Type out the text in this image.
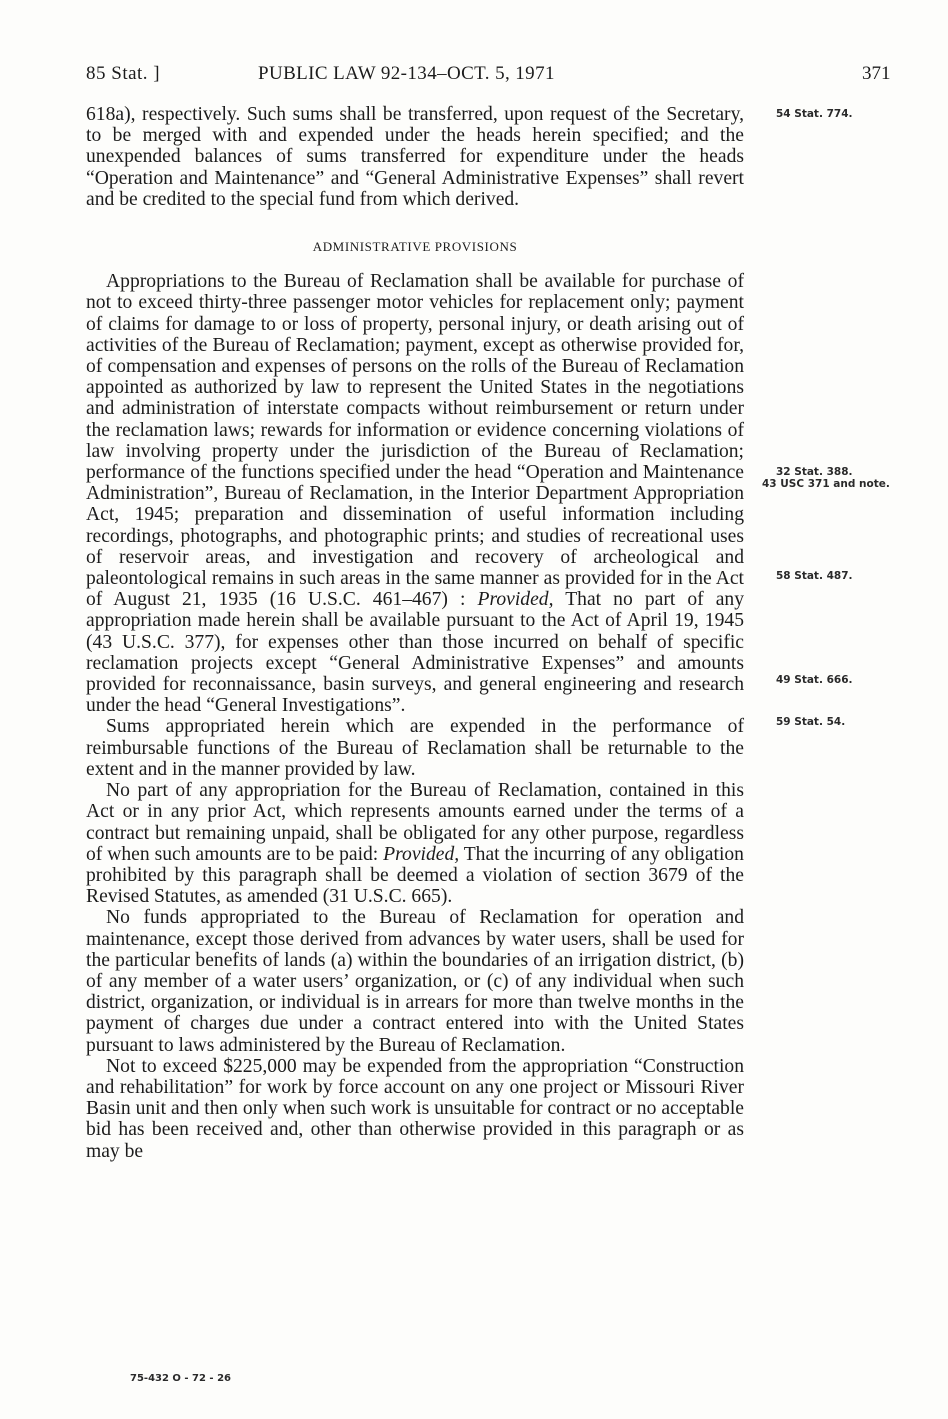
85 Stat. ]	PUBLIC LAW 92-134–OCT. 5, 1971	371

618a), respectively. Such sums shall be transferred, upon request of the Secretary, to be merged with and expended under the heads herein specified; and the unexpended balances of sums transferred for expenditure under the heads “Operation and Maintenance” and “General Administrative Expenses” shall revert and be credited to the special fund from which derived.

ADMINISTRATIVE PROVISIONS

Appropriations to the Bureau of Reclamation shall be available for purchase of not to exceed thirty-three passenger motor vehicles for replacement only; payment of claims for damage to or loss of property, personal injury, or death arising out of activities of the Bureau of Reclamation; payment, except as otherwise provided for, of compensation and expenses of persons on the rolls of the Bureau of Reclamation appointed as authorized by law to represent the United States in the negotiations and administration of interstate compacts without reimbursement or return under the reclamation laws; rewards for information or evidence concerning violations of law involving property under the jurisdiction of the Bureau of Reclamation; performance of the functions specified under the head “Operation and Maintenance Administration”, Bureau of Reclamation, in the Interior Department Appropriation Act, 1945; preparation and dissemination of useful information including recordings, photographs, and photographic prints; and studies of recreational uses of reservoir areas, and investigation and recovery of archeological and paleontological remains in such areas in the same manner as provided for in the Act of August 21, 1935 (16 U.S.C. 461–467) : Provided, That no part of any appropriation made herein shall be available pursuant to the Act of April 19, 1945 (43 U.S.C. 377), for expenses other than those incurred on behalf of specific reclamation projects except “General Administrative Expenses” and amounts provided for reconnaissance, basin surveys, and general engineering and research under the head “General Investigations”.

Sums appropriated herein which are expended in the performance of reimbursable functions of the Bureau of Reclamation shall be returnable to the extent and in the manner provided by law.

No part of any appropriation for the Bureau of Reclamation, contained in this Act or in any prior Act, which represents amounts earned under the terms of a contract but remaining unpaid, shall be obligated for any other purpose, regardless of when such amounts are to be paid: Provided, That the incurring of any obligation prohibited by this paragraph shall be deemed a violation of section 3679 of the Revised Statutes, as amended (31 U.S.C. 665).

No funds appropriated to the Bureau of Reclamation for operation and maintenance, except those derived from advances by water users, shall be used for the particular benefits of lands (a) within the boundaries of an irrigation district, (b) of any member of a water users’ organization, or (c) of any individual when such district, organization, or individual is in arrears for more than twelve months in the payment of charges due under a contract entered into with the United States pursuant to laws administered by the Bureau of Reclamation.

Not to exceed $225,000 may be expended from the appropriation “Construction and rehabilitation” for work by force account on any one project or Missouri River Basin unit and then only when such work is unsuitable for contract or no acceptable bid has been received and, other than otherwise provided in this paragraph or as may be

54 Stat. 774.
32 Stat. 388.
43 USC 371 and note.
58 Stat. 487.
49 Stat. 666.
59 Stat. 54.
75-432 O - 72 - 26
